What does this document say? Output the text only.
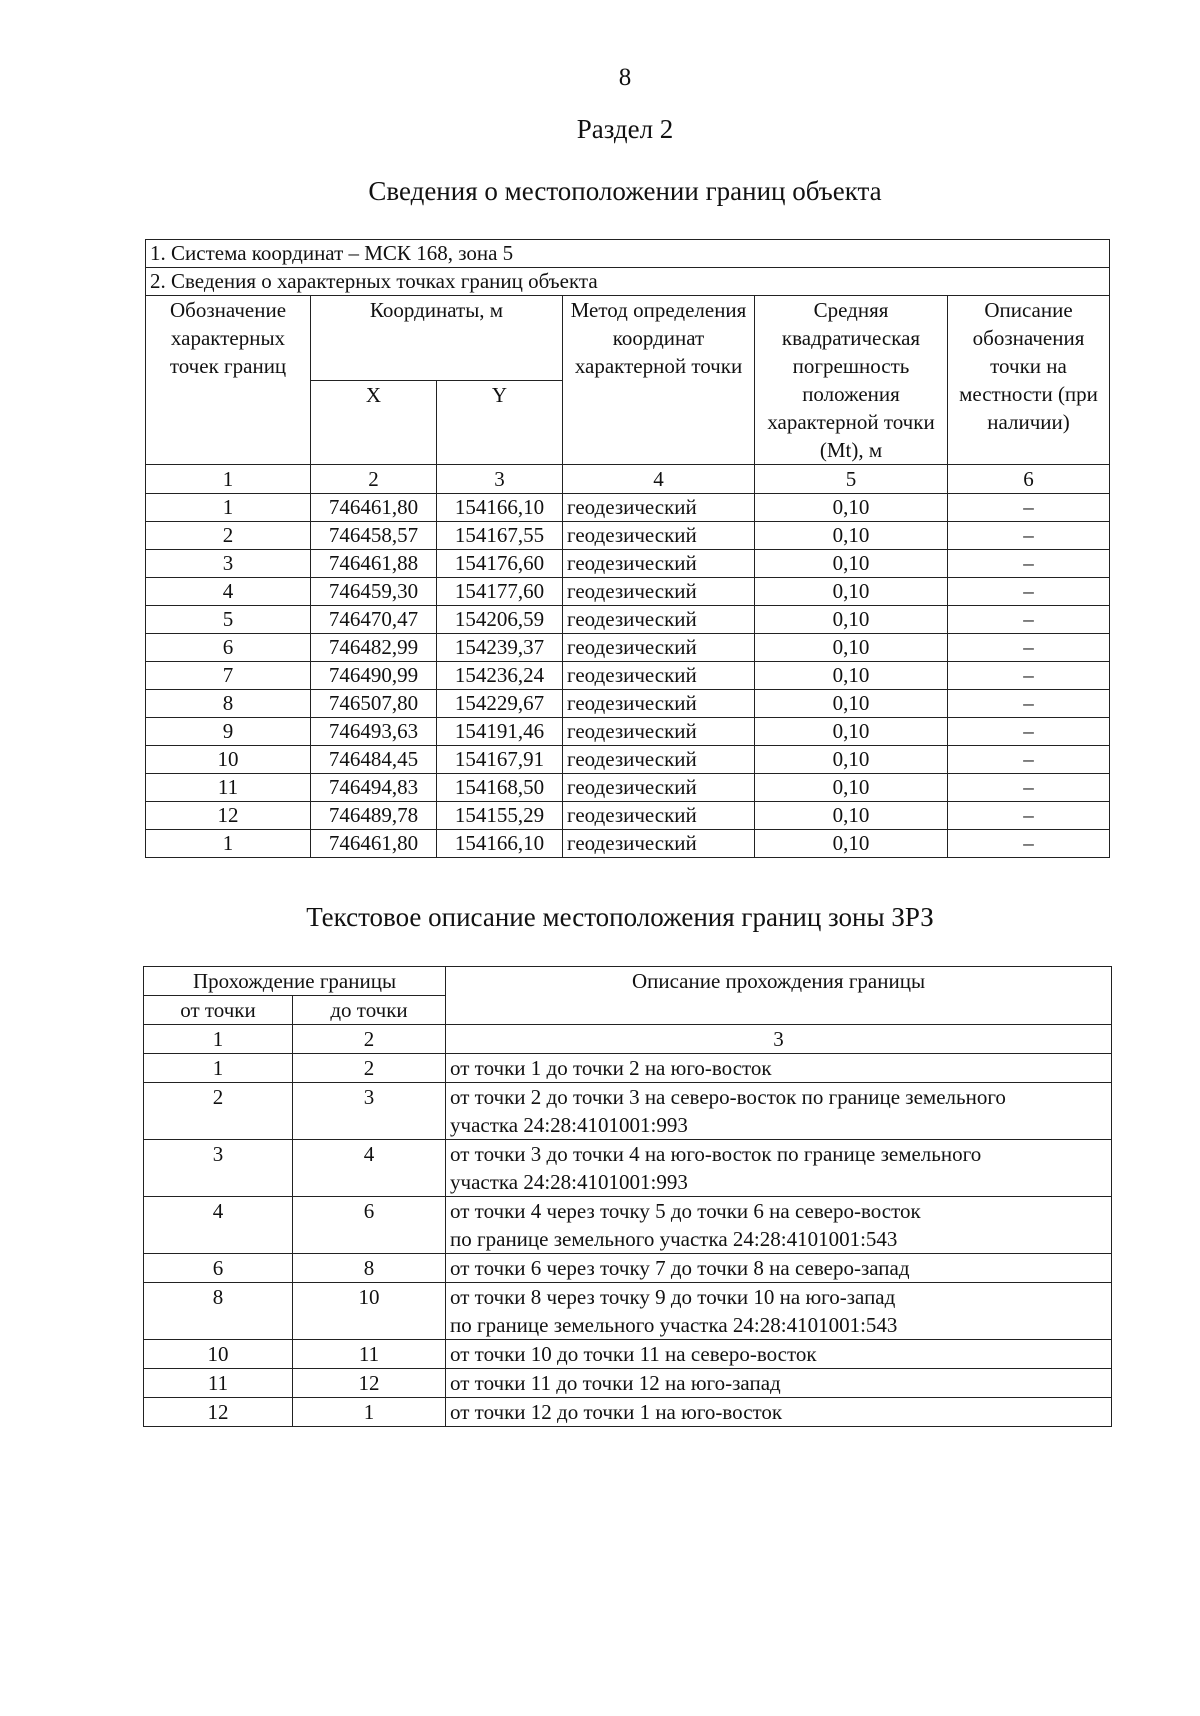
8
Раздел 2
Сведения о местоположении границ объекта
1. Система координат – МСК 168, зона 5					
2. Сведения о характерных точках границ объекта					
Обозначение характерных точек границ	Координаты, м		Метод определения координат характерной точки	Средняя квадратическая погрешность положения характерной точки (Mt), м	Описание обозначения точки на местности (при наличии)
	X	Y			
1	2	3	4	5	6
1	746461,80	154166,10	геодезический	0,10	–
2	746458,57	154167,55	геодезический	0,10	–
3	746461,88	154176,60	геодезический	0,10	–
4	746459,30	154177,60	геодезический	0,10	–
5	746470,47	154206,59	геодезический	0,10	–
6	746482,99	154239,37	геодезический	0,10	–
7	746490,99	154236,24	геодезический	0,10	–
8	746507,80	154229,67	геодезический	0,10	–
9	746493,63	154191,46	геодезический	0,10	–
10	746484,45	154167,91	геодезический	0,10	–
11	746494,83	154168,50	геодезический	0,10	–
12	746489,78	154155,29	геодезический	0,10	–
1	746461,80	154166,10	геодезический	0,10	–
Текстовое описание местоположения границ зоны ЗРЗ
Прохождение границы		Описание прохождения границы
от точки	до точки	
1	2	3
1	2	от точки 1 до точки 2 на юго-восток

2	3	от точки 2 до точки 3 на северо-восток по границе земельного
участка 24:28:4101001:993

3	4	от точки 3 до точки 4 на юго-восток по границе земельного
участка 24:28:4101001:993

4	6	от точки 4 через точку 5 до точки 6 на северо-восток
по границе земельного участка 24:28:4101001:543

6	8	от точки 6 через точку 7 до точки 8 на северо-запад

8	10	от точки 8 через точку 9 до точки 10 на юго-запад
по границе земельного участка 24:28:4101001:543

10	11	от точки 10 до точки 11 на северо-восток

11	12	от точки 11 до точки 12 на юго-запад

12	1	от точки 12 до точки 1 на юго-восток
